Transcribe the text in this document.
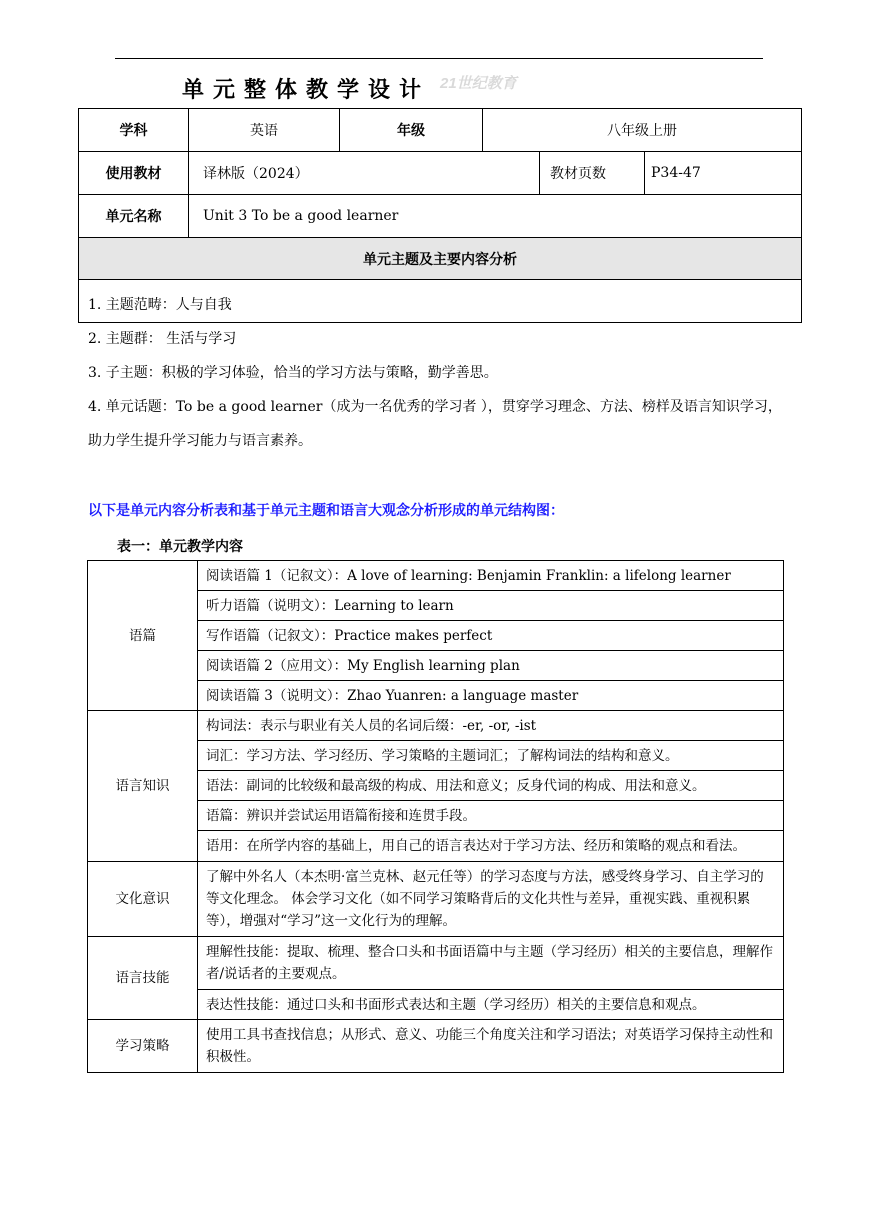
单元整体教学设计 21世纪教育
学科	英语	年级	八年级上册		
使用教材	译林版（2024）			教材页数	P34-47
单元名称	Unit 3 To be a good learner				
单元主题及主要内容分析					

1. 主题范畴：人与自我

2. 主题群： 生活与学习

3. 子主题：积极的学习体验，恰当的学习方法与策略，勤学善思。

4. 单元话题：To be a good learner（成为一名优秀的学习者 ），贯穿学习理念、方法、榜样及语言知识学习，助力学生提升学习能力与语言素养。					

以下是单元内容分析表和基于单元主题和语言大观念分析形成的单元结构图：
表一：单元教学内容
语篇	阅读语篇 1（记叙文）：A love of learning: Benjamin Franklin: a lifelong learner
	听力语篇（说明文）：Learning to learn
	写作语篇（记叙文）：Practice makes perfect
	阅读语篇 2（应用文）：My English learning plan
	阅读语篇 3（说明文）：Zhao Yuanren: a language master
语言知识	构词法：表示与职业有关人员的名词后缀：-er, -or, -ist
	词汇：学习方法、学习经历、学习策略的主题词汇；了解构词法的结构和意义。
	语法：副词的比较级和最高级的构成、用法和意义；反身代词的构成、用法和意义。
	语篇：辨识并尝试运用语篇衔接和连贯手段。
	语用：在所学内容的基础上，用自己的语言表达对于学习方法、经历和策略的观点和看法。
文化意识	了解中外名人（本杰明·富兰克林、赵元任等）的学习态度与方法，感受终身学习、自主学习的等文化理念。 体会学习文化（如不同学习策略背后的文化共性与差异，重视实践、重视积累等），增强对“学习”这一文化行为的理解。
语言技能	理解性技能：提取、梳理、整合口头和书面语篇中与主题（学习经历）相关的主要信息，理解作者/说话者的主要观点。
	表达性技能：通过口头和书面形式表达和主题（学习经历）相关的主要信息和观点。
学习策略	使用工具书查找信息；从形式、意义、功能三个角度关注和学习语法；对英语学习保持主动性和积极性。
